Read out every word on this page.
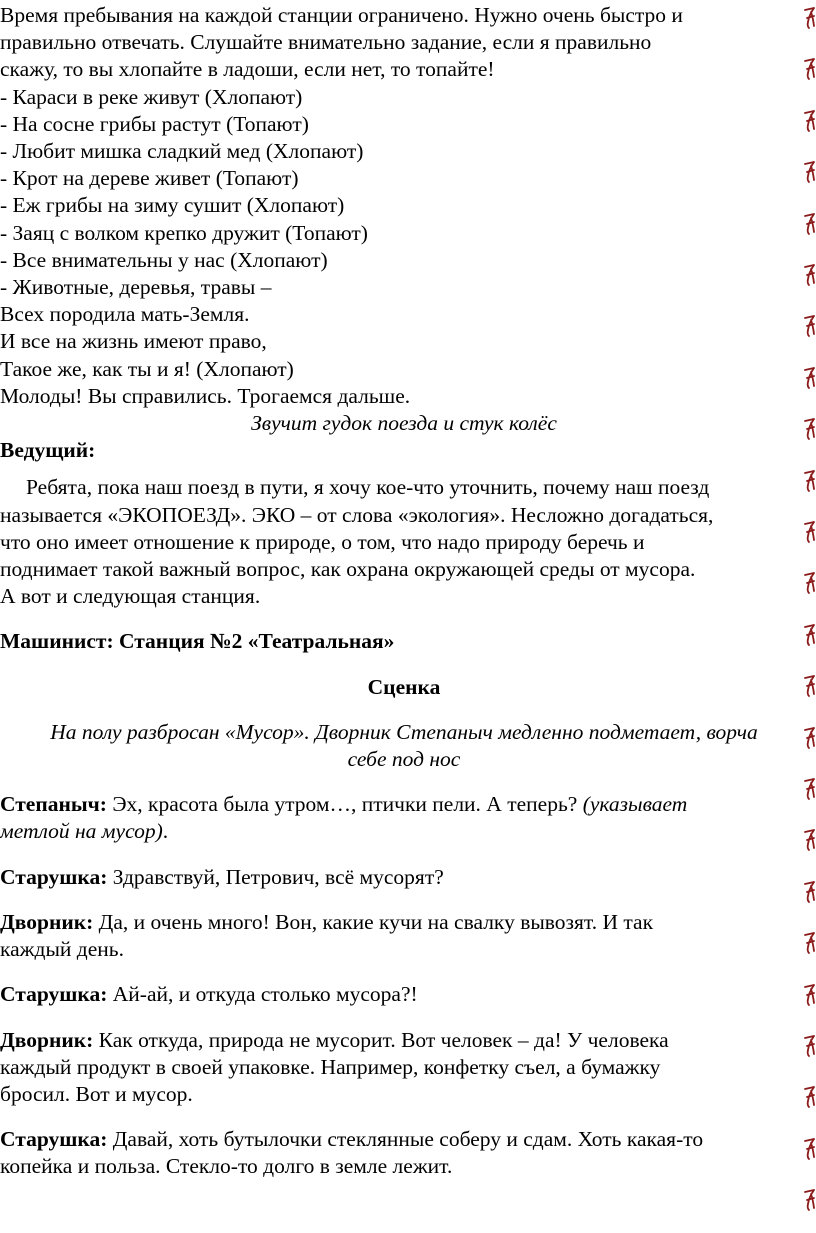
Время пребывания на каждой станции ограничено. Нужно очень быстро и
правильно отвечать. Слушайте внимательно задание, если я правильно
скажу, то вы хлопайте в ладоши, если нет, то топайте!
- Караси в реке живут (Хлопают)
- На сосне грибы растут (Топают)
- Любит мишка сладкий мед (Хлопают)
- Крот на дереве живет (Топают)
- Еж грибы на зиму сушит (Хлопают)
- Заяц с волком крепко дружит (Топают)
- Все внимательны у нас (Хлопают)
- Животные, деревья, травы –
Всех породила мать-Земля.
И все на жизнь имеют право,
Такое же, как ты и я! (Хлопают)
Молоды! Вы справились. Трогаемся дальше.
Звучит гудок поезда и стук колёс
Ведущий:
Ребята, пока наш поезд в пути, я хочу кое-что уточнить, почему наш поезд
называется «ЭКОПОЕЗД». ЭКО – от слова «экология». Несложно догадаться,
что оно имеет отношение к природе, о том, что надо природу беречь и
поднимает такой важный вопрос, как охрана окружающей среды от мусора.
А вот и следующая станция.
Машинист: Станция №2 «Театральная»
Сценка
На полу разбросан «Мусор». Дворник Степаныч медленно подметает, ворча
себе под нос
Степаныч: Эх, красота была утром…, птички пели. А теперь? (указывает
метлой на мусор).
Старушка: Здравствуй, Петрович, всё мусорят?
Дворник: Да, и очень много! Вон, какие кучи на свалку вывозят. И так
каждый день.
Старушка: Ай-ай, и откуда столько мусора?!
Дворник: Как откуда, природа не мусорит. Вот человек – да! У человека
каждый продукт в своей упаковке. Например, конфетку съел, а бумажку
бросил. Вот и мусор.
Старушка: Давай, хоть бутылочки стеклянные соберу и сдам. Хоть какая-то
копейка и польза. Стекло-то долго в земле лежит.
